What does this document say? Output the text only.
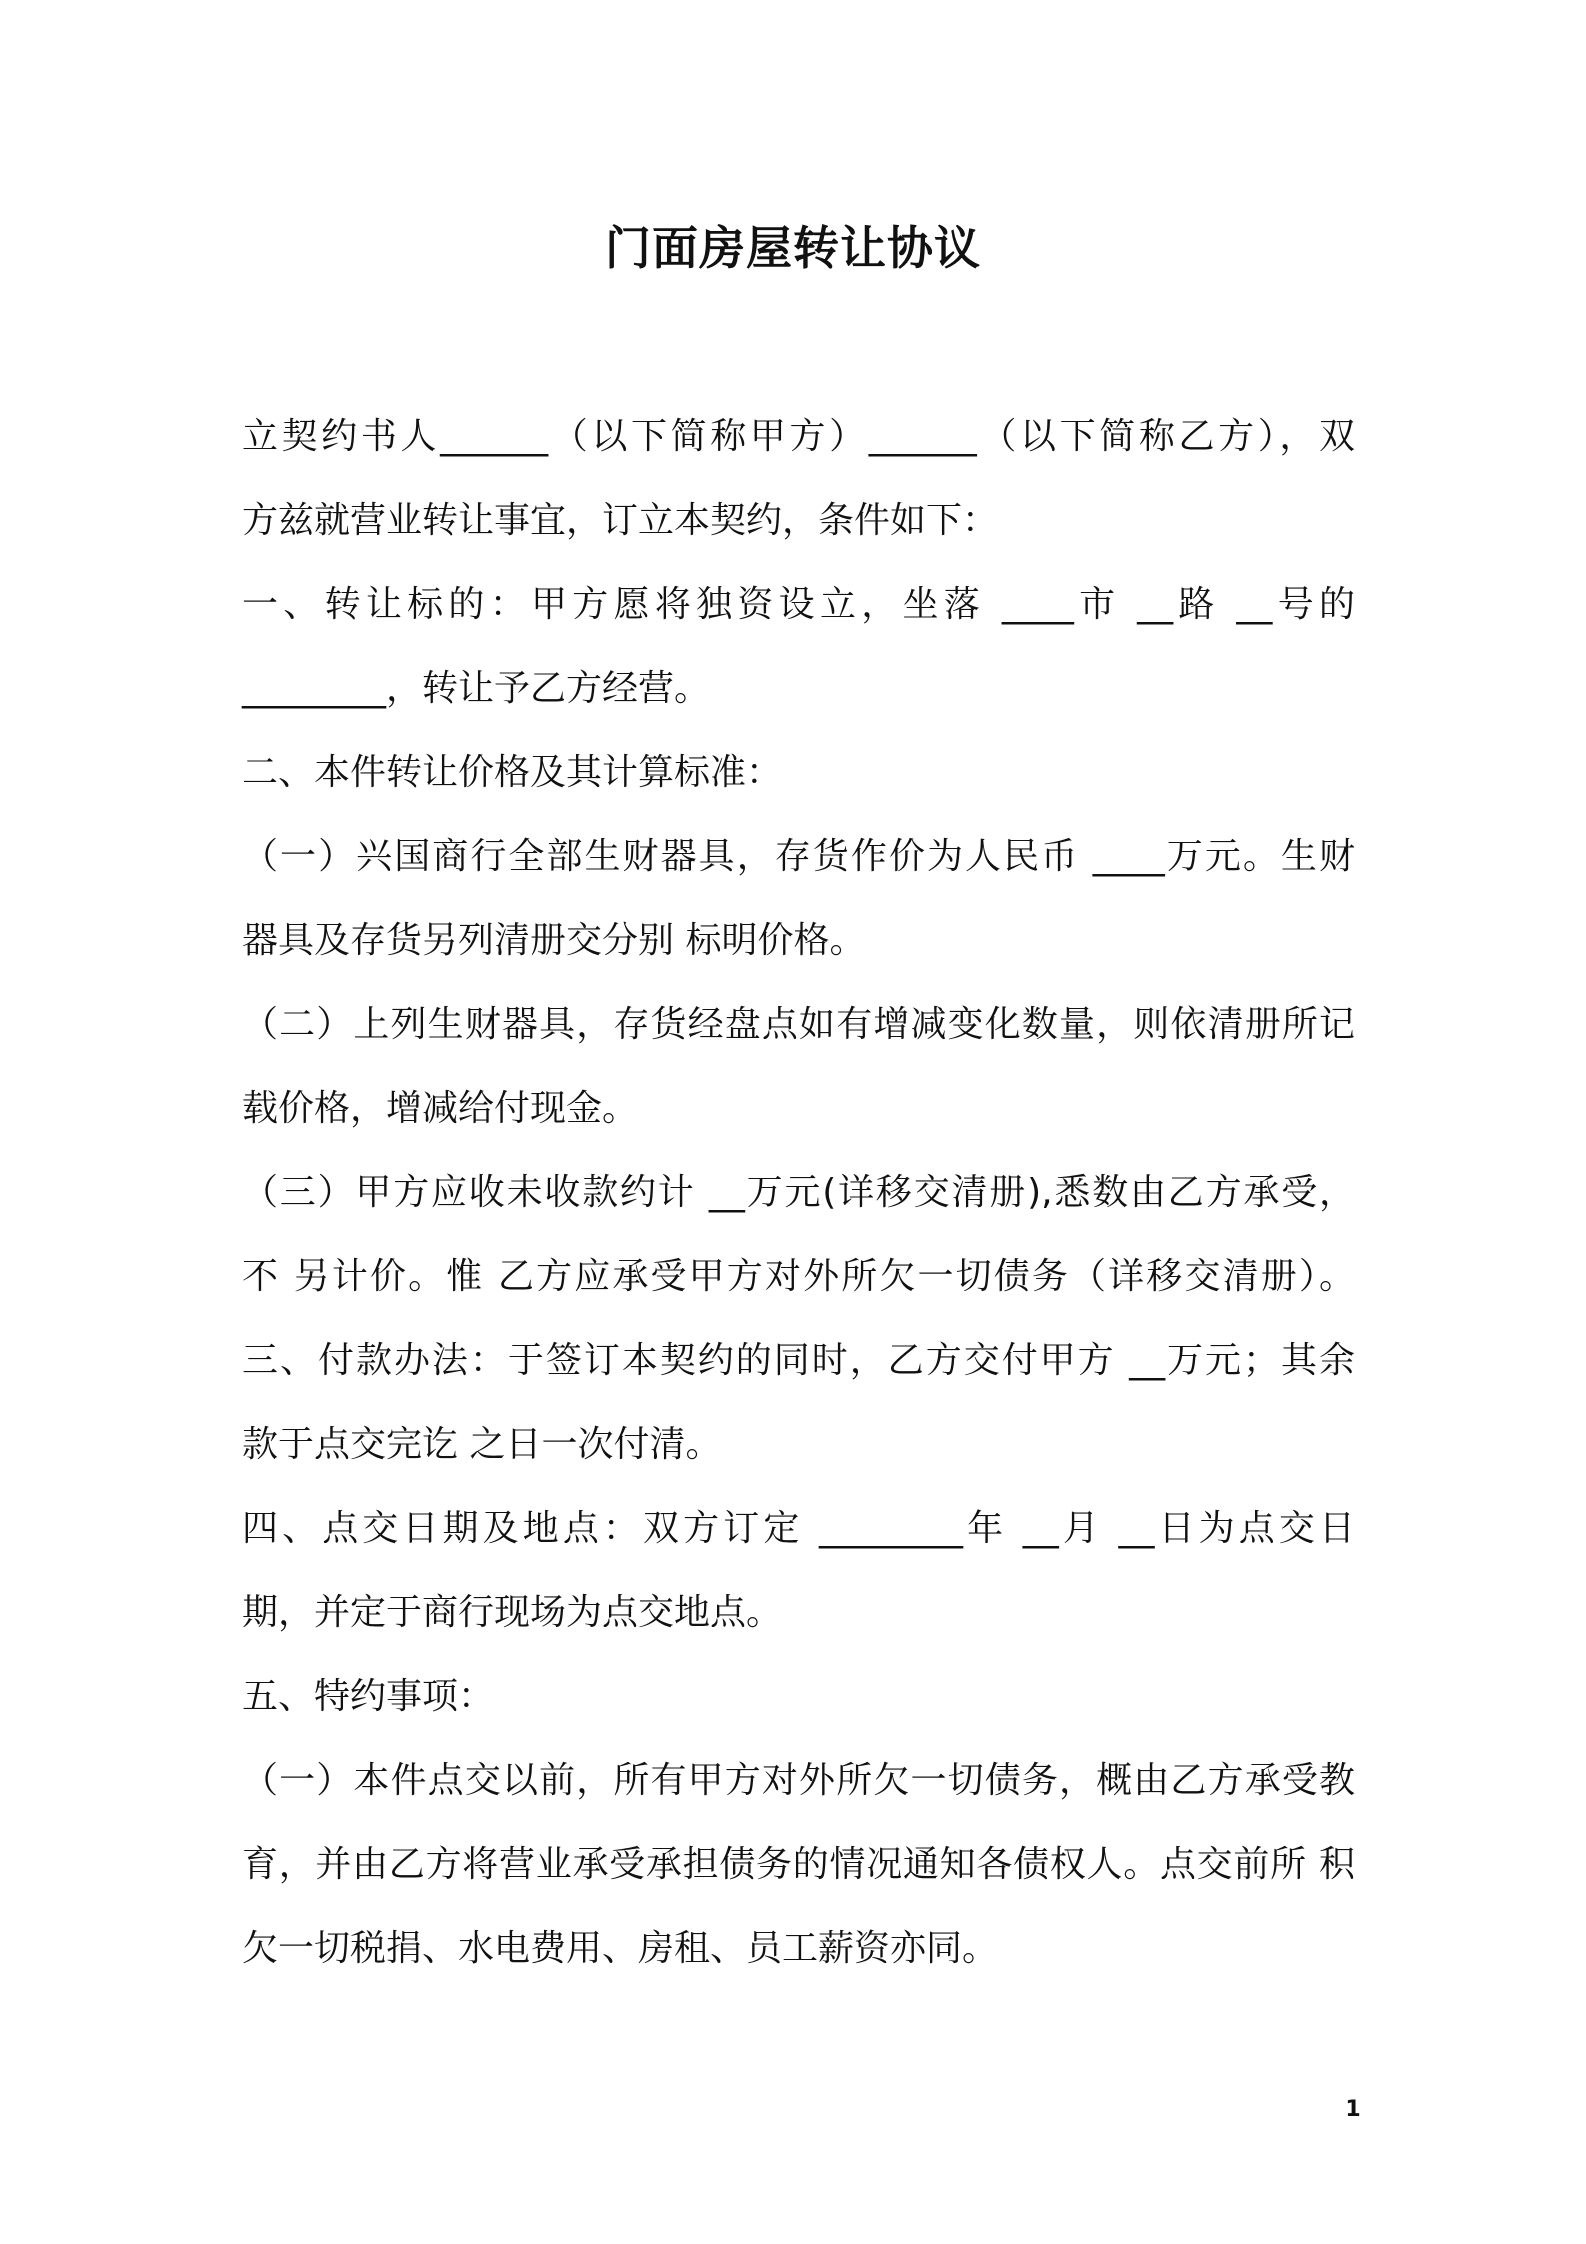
门面房屋转让协议
立契约书人______（以下简称甲方）______（以下简称乙方），双
方兹就营业转让事宜，订立本契约，条件如下：
一、转让标的：甲方愿将独资设立，坐落 ____市 __路 __号的
________，转让予乙方经营。
二、本件转让价格及其计算标准：
（一）兴国商行全部生财器具，存货作价为人民币 ____万元。生财
器具及存货另列清册交分别 标明价格。
（二）上列生财器具，存货经盘点如有增减变化数量，则依清册所记
载价格，增减给付现金。
（三）甲方应收未收款约计 __万元(详移交清册),悉数由乙方承受，
不 另计价。惟 乙方应承受甲方对外所欠一切债务（详移交清册）。
三、付款办法：于签订本契约的同时，乙方交付甲方 __万元；其余
款于点交完讫 之日一次付清。
四、点交日期及地点：双方订定 ________年 __月 __日为点交日
期，并定于商行现场为点交地点。
五、特约事项：
（一）本件点交以前，所有甲方对外所欠一切债务，概由乙方承受教
育，并由乙方将营业承受承担债务的情况通知各债权人。点交前所 积
欠一切税捐、水电费用、房租、员工薪资亦同。
1
